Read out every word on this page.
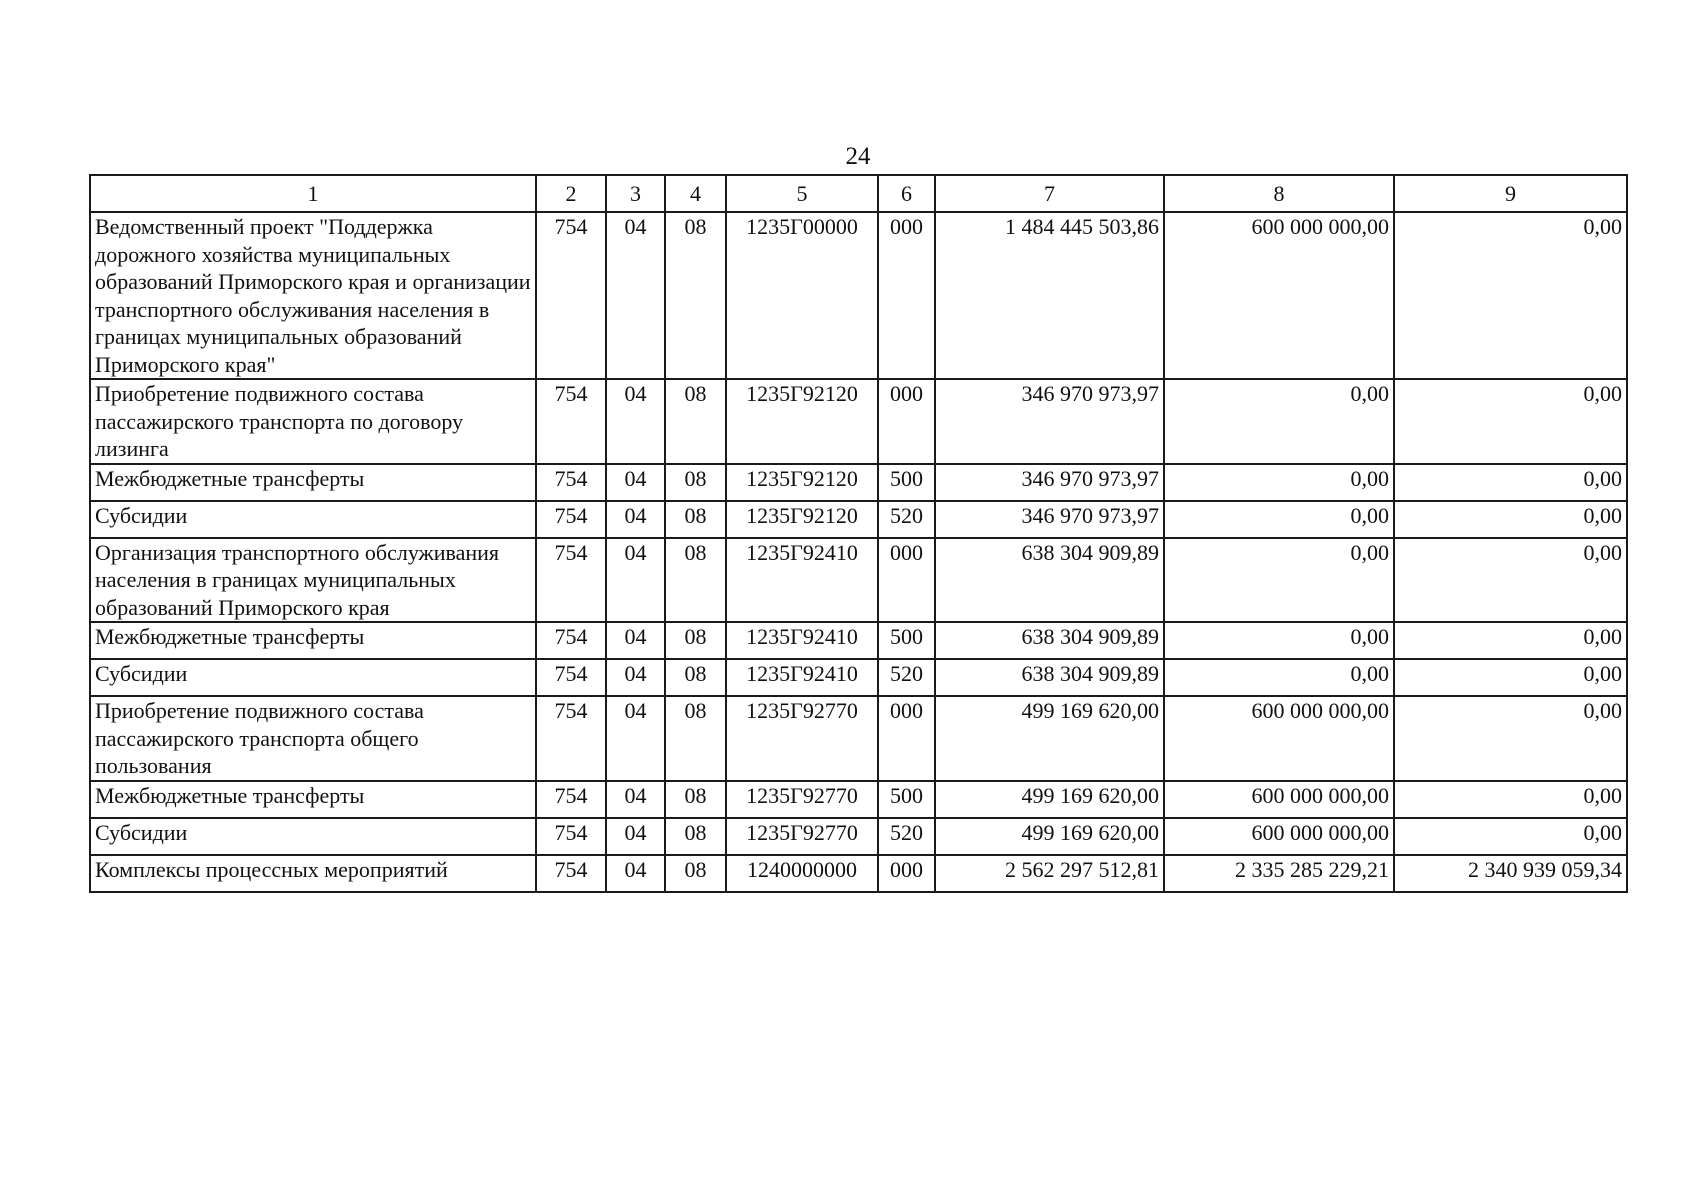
24
1	2	3	4	5	6	7	8	9
Ведомственный проект "Поддержка дорожного хозяйства муниципальных образований Приморского края и организации транспортного обслуживания населения в границах муниципальных образований Приморского края"	754	04	08	1235Г00000	000	1 484 445 503,86	600 000 000,00	0,00
Приобретение подвижного состава пассажирского транспорта по договору лизинга	754	04	08	1235Г92120	000	346 970 973,97	0,00	0,00
Межбюджетные трансферты	754	04	08	1235Г92120	500	346 970 973,97	0,00	0,00
Субсидии	754	04	08	1235Г92120	520	346 970 973,97	0,00	0,00
Организация транспортного обслуживания населения в границах муниципальных образований Приморского края	754	04	08	1235Г92410	000	638 304 909,89	0,00	0,00
Межбюджетные трансферты	754	04	08	1235Г92410	500	638 304 909,89	0,00	0,00
Субсидии	754	04	08	1235Г92410	520	638 304 909,89	0,00	0,00
Приобретение подвижного состава пассажирского транспорта общего пользования	754	04	08	1235Г92770	000	499 169 620,00	600 000 000,00	0,00
Межбюджетные трансферты	754	04	08	1235Г92770	500	499 169 620,00	600 000 000,00	0,00
Субсидии	754	04	08	1235Г92770	520	499 169 620,00	600 000 000,00	0,00
Комплексы процессных мероприятий	754	04	08	1240000000	000	2 562 297 512,81	2 335 285 229,21	2 340 939 059,34
